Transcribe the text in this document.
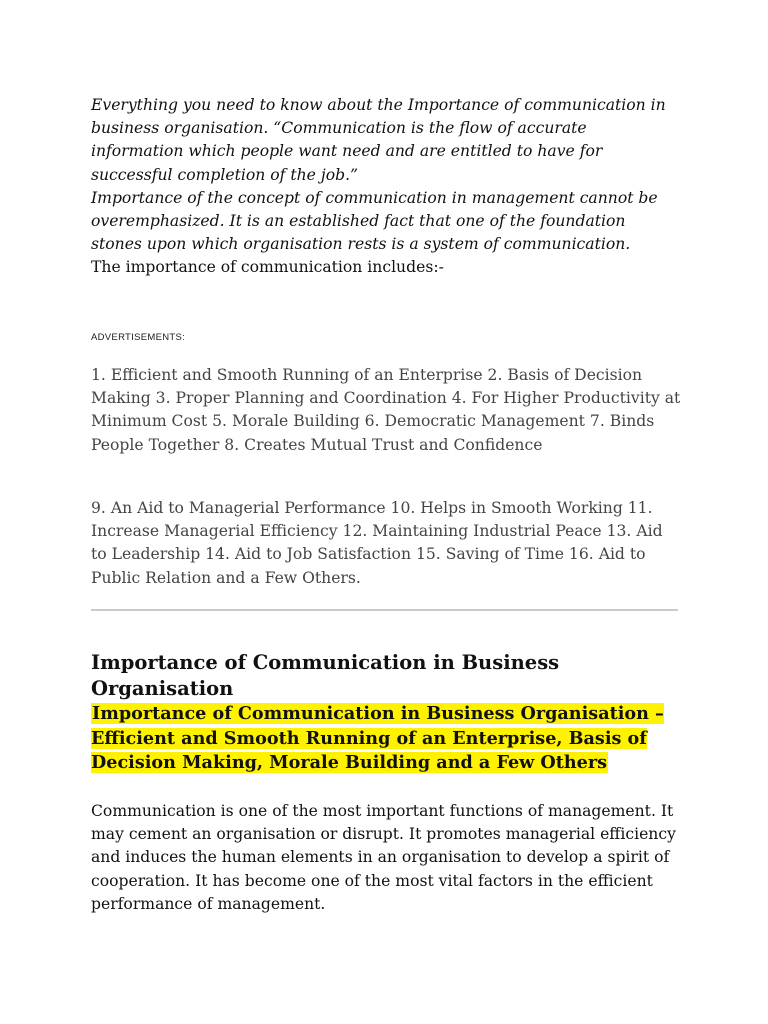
Everything you need to know about the Importance of communication in business organisation. “Communication is the flow of accurate information which people want need and are entitled to have for successful completion of the job.”

Importance of the concept of communication in management cannot be overemphasized. It is an established fact that one of the foundation stones upon which organisation rests is a system of communication.

The importance of communication includes:-

ADVERTISEMENTS:

1. Efficient and Smooth Running of an Enterprise 2. Basis of Decision Making 3. Proper Planning and Coordination 4. For Higher Productivity at Minimum Cost 5. Morale Building 6. Democratic Management 7. Binds People Together 8. Creates Mutual Trust and Confidence

9. An Aid to Managerial Performance 10. Helps in Smooth Working 11. Increase Managerial Efficiency 12. Maintaining Industrial Peace 13. Aid to Leadership 14. Aid to Job Satisfaction 15. Saving of Time 16. Aid to Public Relation and a Few Others.

Importance of Communication in Business Organisation
Importance of Communication in Business Organisation – Efficient and Smooth Running of an Enterprise, Basis of Decision Making, Morale Building and a Few Others

Communication is one of the most important functions of management. It may cement an organisation or disrupt. It promotes managerial efficiency and induces the human elements in an organisation to develop a spirit of cooperation. It has become one of the most vital factors in the efficient performance of management.
